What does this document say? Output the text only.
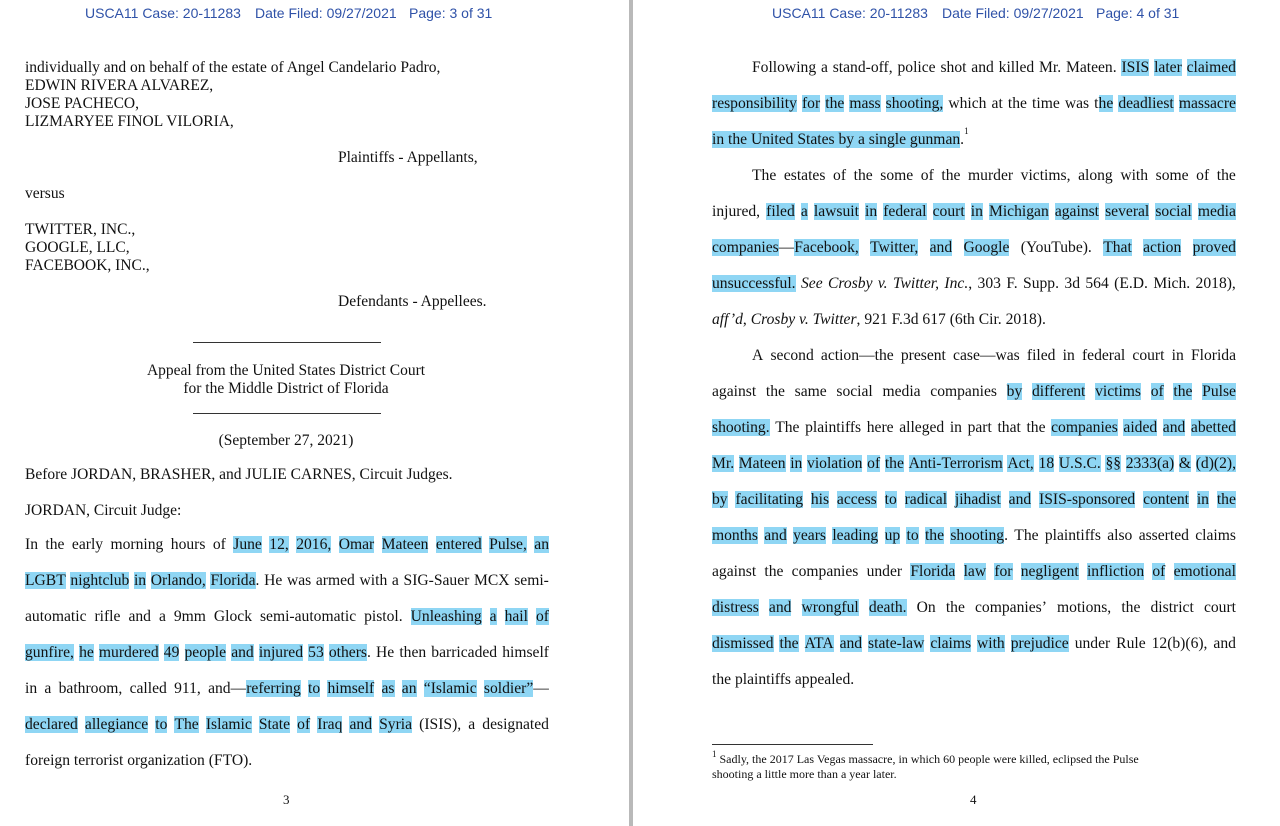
USCA11 Case: 20-11283 Date Filed: 09/27/2021 Page: 3 of 31
individually and on behalf of the estate of Angel Candelario Padro,
EDWIN RIVERA ALVAREZ,
JOSE PACHECO,
LIZMARYEE FINOL VILORIA,
Plaintiffs - Appellants,
versus
TWITTER, INC.,
GOOGLE, LLC,
FACEBOOK, INC.,
Defendants - Appellees.
Appeal from the United States District Court
for the Middle District of Florida
(September 27, 2021)
Before JORDAN, BRASHER, and JULIE CARNES, Circuit Judges.
JORDAN, Circuit Judge:
In the early morning hours of June 12, 2016, Omar Mateen entered Pulse, an
LGBT nightclub in Orlando, Florida. He was armed with a SIG-Sauer MCX semi-
automatic rifle and a 9mm Glock semi-automatic pistol. Unleashing a hail of
gunfire, he murdered 49 people and injured 53 others. He then barricaded himself
in a bathroom, called 911, and—referring to himself as an “Islamic soldier”—
declared allegiance to The Islamic State of Iraq and Syria (ISIS), a designated
foreign terrorist organization (FTO).
3
USCA11 Case: 20-11283 Date Filed: 09/27/2021 Page: 4 of 31
Following a stand-off, police shot and killed Mr. Mateen. ISIS later claimed
responsibility for the mass shooting, which at the time was the deadliest massacre
in the United States by a single gunman. 1
The estates of the some of the murder victims, along with some of the
injured, filed a lawsuit in federal court in Michigan against several social media
companies—Facebook, Twitter, and Google (YouTube). That action proved
unsuccessful. See Crosby v. Twitter, Inc., 303 F. Supp. 3d 564 (E.D. Mich. 2018),
aff’d , Crosby v. Twitter , 921 F.3d 617 (6th Cir. 2018).
A second action—the present case—was filed in federal court in Florida
against the same social media companies by different victims of the Pulse
shooting. The plaintiffs here alleged in part that the companies aided and abetted
Mr. Mateen in violation of the Anti-Terrorism Act, 18 U.S.C. §§ 2333(a) & (d)(2),
by facilitating his access to radical jihadist and ISIS-sponsored content in the
months and years leading up to the shooting. The plaintiffs also asserted claims
against the companies under Florida law for negligent infliction of emotional
distress and wrongful death. On the companies’ motions, the district court
dismissed the ATA and state-law claims with prejudice under Rule 12(b)(6), and
the plaintiffs appealed.
$^1$ Sadly, the 2017 Las Vegas massacre, in which 60 people were killed, eclipsed the Pulse
shooting a little more than a year later.
4
